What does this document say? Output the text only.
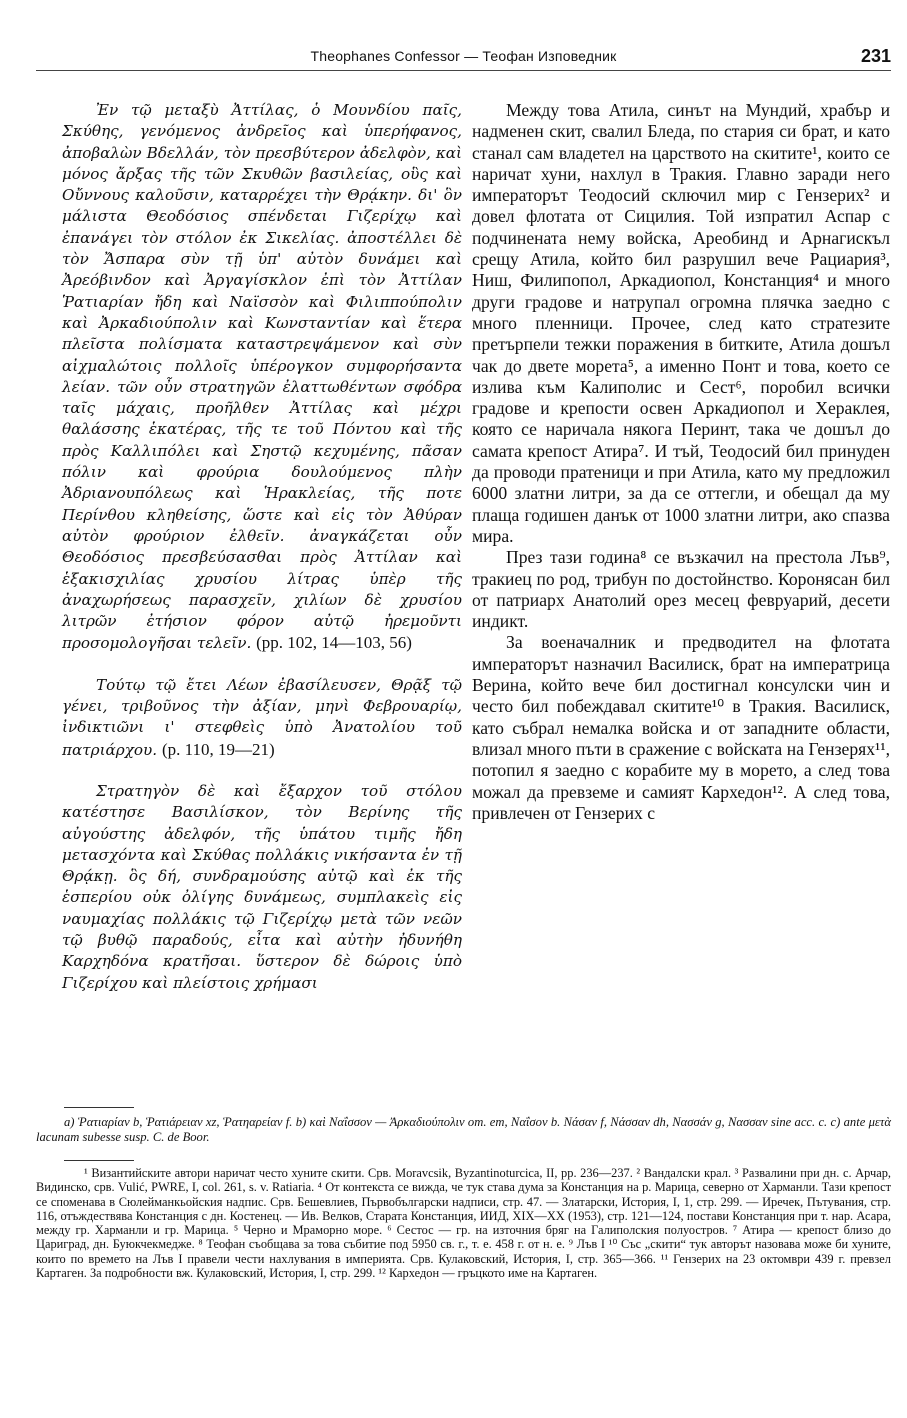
Theophanes Confessor — Теофан Изповедник	231

Ἐν τῷ μεταξὺ Ἀττίλας, ὁ Μουνδίου παῖς, Σκύθης, γενόμενος ἀνδρεῖος καὶ ὑπερήφανος, ἀποβαλὼν Βδελλάν, τὸν πρεσβύτερον ἀδελφὸν, καὶ μόνος ἄρξας τῆς τῶν Σκυθῶν βασιλείας, οὓς καὶ Οὔννους καλοῦσιν, καταρρέχει τὴν Θρᾴκην. δι' ὃν μάλιστα Θεοδόσιος σπένδεται Γιζερίχῳ καὶ ἐπανάγει τὸν στόλον ἐκ Σικελίας. ἀποστέλλει δὲ τὸν Ἄσπαρα σὺν τῇ ὑπ' αὐτὸν δυνάμει καὶ Ἀρεόβινδον καὶ Ἀργαγίσκλον ἐπὶ τὸν Ἀττίλαν Ῥατιαρίαν ἤδη καὶ Ναϊσσὸν καὶ Φιλιππούπολιν καὶ Ἀρκαδιούπολιν καὶ Κωνσταντίαν καὶ ἕτερα πλεῖστα πολίσματα καταστρεψάμενον καὶ σὺν αἰχμαλώτοις πολλοῖς ὑπέρογκον συμφορήσαντα λείαν. τῶν οὖν στρατηγῶν ἐλαττωθέντων σφόδρα ταῖς μάχαις, προῆλθεν Ἀττίλας καὶ μέχρι θαλάσσης ἑκατέρας, τῆς τε τοῦ Πόντου καὶ τῆς πρὸς Καλλιπόλει καὶ Σηστῷ κεχυμένης, πᾶσαν πόλιν καὶ φρούρια δουλούμενος πλὴν Ἀδριανουπόλεως καὶ Ἡρακλείας, τῆς ποτε Περίνθου κληθείσης, ὥστε καὶ εἰς τὸν Ἀθύραν αὐτὸν φρούριον ἐλθεῖν. ἀναγκάζεται οὖν Θεοδόσιος πρεσβεύσασθαι πρὸς Ἀττίλαν καὶ ἑξακισχιλίας χρυσίου λίτρας ὑπὲρ τῆς ἀναχωρήσεως παρασχεῖν, χιλίων δὲ χρυσίου λιτρῶν ἐτήσιον φόρον αὐτῷ ἠρεμοῦντι προσομολογῆσαι τελεῖν. (pp. 102, 14—103, 56)

Τούτῳ τῷ ἔτει Λέων ἐβασίλευσεν, Θρᾷξ τῷ γένει, τριβοῦνος τὴν ἀξίαν, μηνὶ Φεβρουαρίῳ, ἰνδικτιῶνι ι' στεφθεὶς ὑπὸ Ἀνατολίου τοῦ πατριάρχου. (p. 110, 19—21)

Στρατηγὸν δὲ καὶ ἔξαρχον τοῦ στόλου κατέστησε Βασιλίσκον, τὸν Βερίνης τῆς αὐγούστης ἀδελφόν, τῆς ὑπάτου τιμῆς ἤδη μετασχόντα καὶ Σκύθας πολλάκις νικήσαντα ἐν τῇ Θρᾴκῃ. ὃς δή, συνδραμούσης αὐτῷ καὶ ἐκ τῆς ἑσπερίου οὐκ ὀλίγης δυνάμεως, συμπλακεὶς εἰς ναυμαχίας πολλάκις τῷ Γιζερίχῳ μετὰ τῶν νεῶν τῷ βυθῷ παραδούς, εἶτα καὶ αὐτὴν ἠδυνήθη Καρχηδόνα κρατῆσαι. ὕστερον δὲ δώροις ὑπὸ Γιζερίχου καὶ πλείστοις χρήμασι

Между това Атила, синът на Мундий, храбър и надменен скит, свалил Бледа, по стария си брат, и като станал сам владетел на царството на скитите¹, които се наричат хуни, нахлул в Тракия. Главно заради него императорът Теодосий сключил мир с Гензерих² и довел флотата от Сицилия. Той изпратил Аспар с подчинената нему войска, Ареобинд и Арнагискъл срещу Атила, който бил разрушил вече Рациария³, Ниш, Филипопол, Аркадиопол, Констанция⁴ и много други градове и натрупал огромна плячка заедно с много пленници. Прочее, след като стратезите претърпели тежки поражения в битките, Атила дошъл чак до двете морета⁵, а именно Понт и това, което се излива към Калиполис и Сест⁶, поробил всички градове и крепости освен Аркадиопол и Хераклея, която се наричала някога Перинт, така че дошъл до самата крепост Атира⁷. И тъй, Теодосий бил принуден да проводи пратеници и при Атила, като му предложил 6000 златни литри, за да се оттегли, и обещал да му плаща годишен данък от 1000 златни литри, ако спазва мира.

През тази година⁸ се възкачил на престола Лъв⁹, тракиец по род, трибун по достойнство. Коронясан бил от патриарх Анатолий орез месец февруарий, десети индикт.

За военачалник и предводител на флотата императорът назначил Василиск, брат на императрица Верина, който вече бил достигнал консулски чин и често бил побеждавал скитите¹⁰ в Тракия. Василиск, като събрал немалка войска и от западните области, влизал много пъти в сражение с войската на Гензерях¹¹, потопил я заедно с корабите му в морето, а след това можал да превземе и самият Кархедон¹². А след това, привлечен от Гензерих с

a) Ῥατιαρίαν b, Ῥατιάρειαν xz, Ῥατηαρείαν f. b) καὶ Ναΐσσον — Ἀρκαδιούπολιν om. em, Ναΐσον b. Νάσαν f, Νάσσαν dh, Νασσάν g, Νασσαν sine acc. c. c) ante μετὰ lacunam subesse susp. C. de Boor.

¹ Византийските автори наричат често хуните скити. Срв. Moravcsik, Byzantinoturcica, II, pp. 236—237. ² Вандалски крал. ³ Развалини при дн. с. Арчар, Видинско, срв. Vulić, PWRE, I, col. 261, s. v. Ratiaria. ⁴ От контекста се вижда, че тук става дума за Констанция на р. Марица, северно от Харманли. Тази крепост се споменава в Сюлейманкьойския надпис. Срв. Бешевлиев, Първобългарски надписи, стр. 47. — Златарски, История, I, 1, стр. 299. — Иречек, Пътувания, стр. 116, отъждествява Констанция с дн. Костенец. — Ив. Велков, Старата Констанция, ИИД, XIX—XX (1953), стр. 121—124, постави Констанция при т. нар. Асара, между гр. Харманли и гр. Марица. ⁵ Черно и Мраморно море. ⁶ Сестос — гр. на източния бряг на Галиполския полуостров. ⁷ Атира — крепост близо до Цариград, дн. Буюкчекмедже. ⁸ Теофан съобщава за това събитие под 5950 св. г., т. е. 458 г. от н. е. ⁹ Лъв I ¹⁰ Със „скити“ тук авторът назовава може би хуните, които по времето на Лъв I правели чести нахлувания в империята. Срв. Кулаковский, История, I, стр. 365—366. ¹¹ Гензерих на 23 октомври 439 г. превзел Картаген. За подробности вж. Кулаковский, История, I, стр. 299. ¹² Кархедон — гръцкото име на Картаген.
